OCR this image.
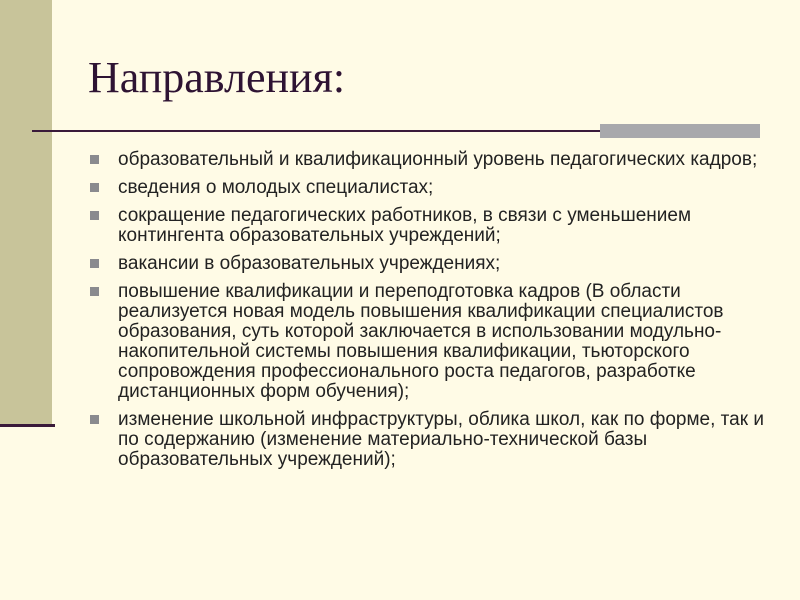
Направления:
образовательный и квалификационный уровень педагогических кадров;
сведения о молодых специалистах;
сокращение педагогических работников, в связи с уменьшением контингента образовательных учреждений;
вакансии в образовательных учреждениях;
повышение квалификации и переподготовка кадров (В области реализуется новая модель повышения квалификации специалистов образования, суть которой заключается в использовании модульно-накопительной системы повышения квалификации, тьюторского сопровождения профессионального роста педагогов, разработке дистанционных форм обучения);
изменение школьной инфраструктуры, облика школ, как по форме, так и по содержанию (изменение материально-технической базы образовательных учреждений);
